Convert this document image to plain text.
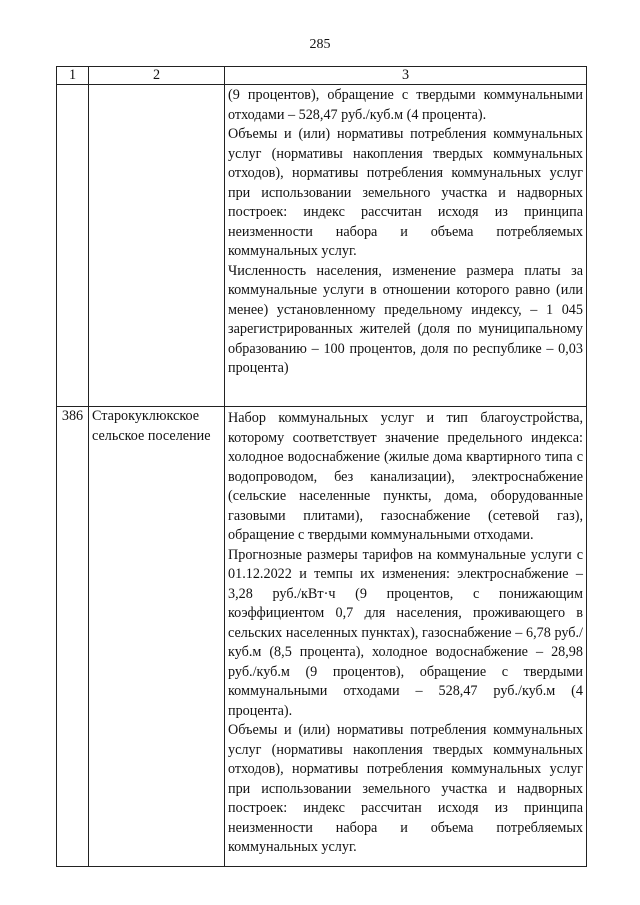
285
1	2	3

		(9 процентов), обращение с твердыми коммунальными отходами – 528,47 руб./куб.м (4 процента).

Объемы и (или) нормативы потребления коммунальных услуг (нормативы накопления твердых коммунальных отходов), нормативы потребления коммунальных услуг при использовании земельного участка и надворных построек: индекс рассчитан исходя из принципа неизменности набора и объема потребляемых коммунальных услуг.

Численность населения, изменение размера платы за коммунальные услуги в отношении которого равно (или менее) установленному предельному индексу, – 1 045 зарегистрированных жителей (доля по муниципальному образованию – 100 процентов, доля по республике – 0,03 процента)

386	Старокуклюкское сельское поселение	Набор коммунальных услуг и тип благоустройства, которому соответствует значение предельного индекса: холодное водоснабжение (жилые дома квартирного типа с водопроводом, без канализации), электроснабжение (сельские населенные пункты, дома, оборудованные газовыми плитами), газоснабжение (сетевой газ), обращение с твердыми коммунальными отходами.

Прогнозные размеры тарифов на коммунальные услуги с 01.12.2022 и темпы их изменения: электроснабжение – 3,28 руб./кВт·ч (9 процентов, с понижающим коэффициентом 0,7 для населения, проживающего в сельских населенных пунктах), газоснабжение – 6,78 руб./куб.м (8,5 процента), холодное водоснабжение – 28,98 руб./куб.м (9 процентов), обращение с твердыми коммунальными отходами – 528,47 руб./куб.м (4 процента).

Объемы и (или) нормативы потребления коммунальных услуг (нормативы накопления твердых коммунальных отходов), нормативы потребления коммунальных услуг при использовании земельного участка и надворных построек: индекс рассчитан исходя из принципа неизменности набора и объема потребляемых коммунальных услуг.
